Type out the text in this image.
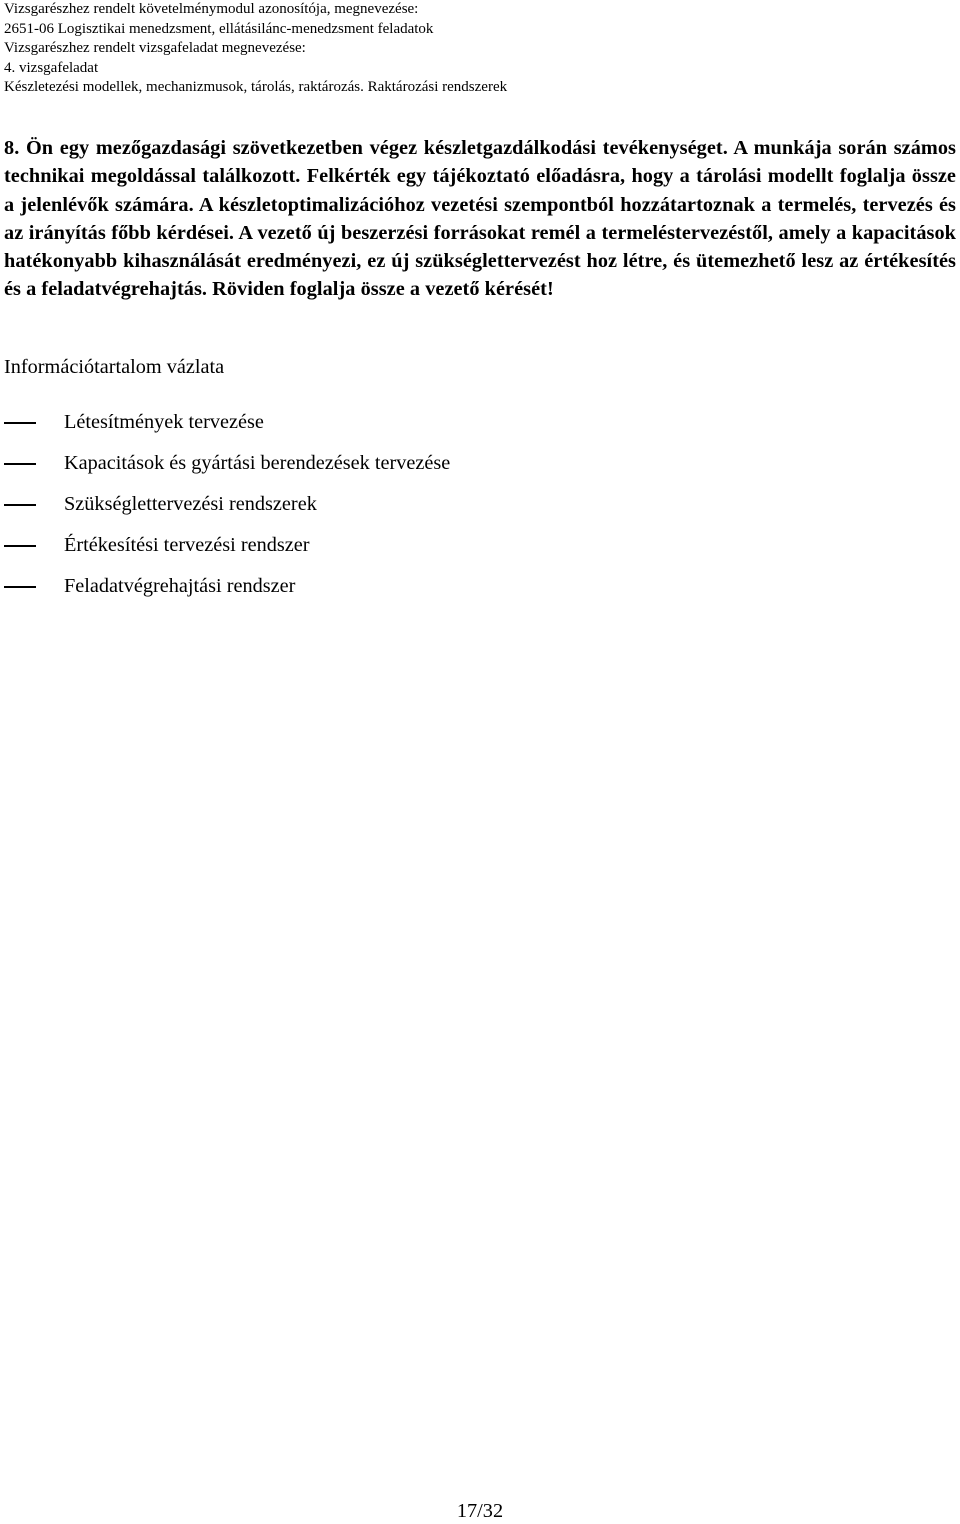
Vizsgarészhez rendelt követelménymodul azonosítója, megnevezése:
2651-06 Logisztikai menedzsment, ellátásilánc-menedzsment feladatok
Vizsgarészhez rendelt vizsgafeladat megnevezése:
4. vizsgafeladat
Készletezési modellek, mechanizmusok, tárolás, raktározás. Raktározási rendszerek
8. Ön egy mezőgazdasági szövetkezetben végez készletgazdálkodási tevékenységet. A munkája során számos technikai megoldással találkozott. Felkérték egy tájékoztató előadásra, hogy a tárolási modellt foglalja össze a jelenlévők számára. A készletoptimalizációhoz vezetési szempontból hozzátartoznak a termelés, tervezés és az irányítás főbb kérdései. A vezető új beszerzési forrásokat remél a termeléstervezéstől, amely a kapacitások hatékonyabb kihasználását eredményezi, ez új szükséglettervezést hoz létre, és ütemezhető lesz az értékesítés és a feladatvégrehajtás. Röviden foglalja össze a vezető kérését!
Információtartalom vázlata
Létesítmények tervezése
Kapacitások és gyártási berendezések tervezése
Szükséglettervezési rendszerek
Értékesítési tervezési rendszer
Feladatvégrehajtási rendszer
17/32
